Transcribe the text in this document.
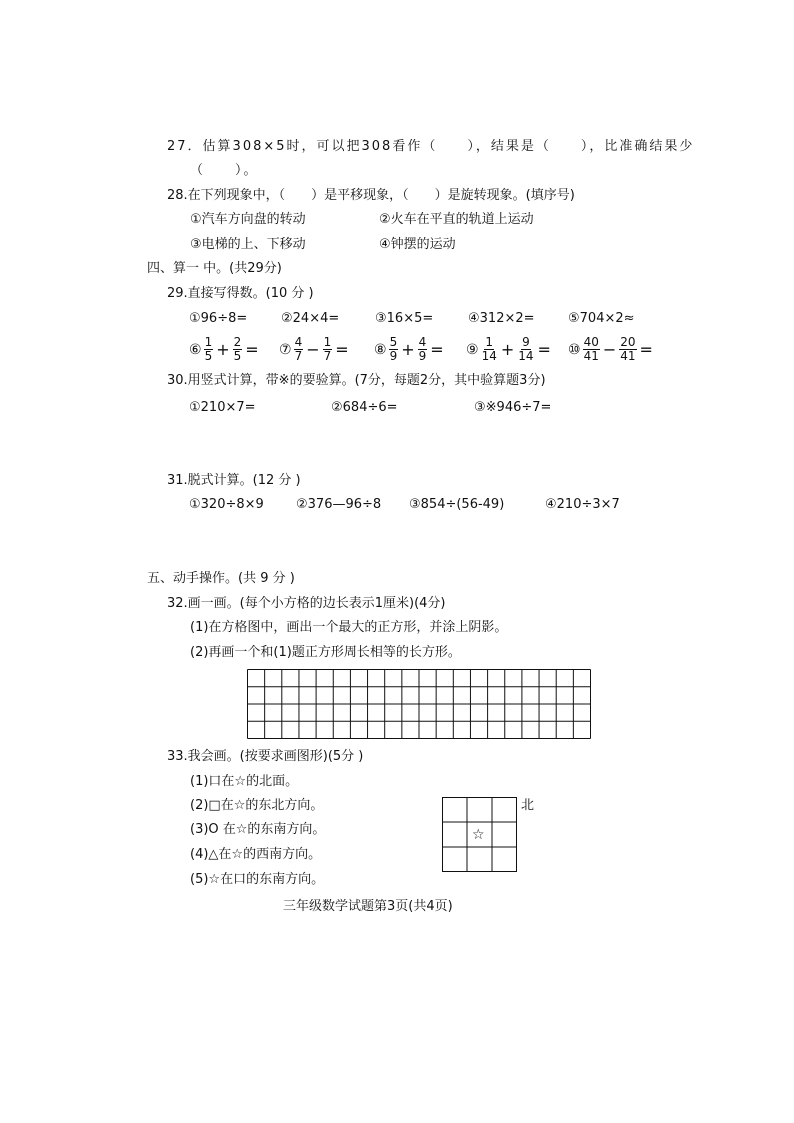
27．估算308×5时，可以把308看作（　　），结果是（　　），比准确结果少
（　　）。
28.在下列现象中，（　　）是平移现象，（　　）是旋转现象。(填序号)
①汽车方向盘的转动	②火车在平直的轨道上运动
③电梯的上、下移动	④钟摆的运动
四、算一 中。(共29分)
29.直接写得数。(10 分 )
①96÷8=	②24×4=	③16×5=	④312×2=	⑤704×2≈
⑥ $\frac{1}{5} + \frac{2}{5}$ = ⑦ $\frac{4}{7} - \frac{1}{7}$ = ⑧ $\frac{5}{9} + \frac{4}{9}$ = ⑨ $\frac{1}{14} + \frac{9}{14}$ = ⑩ $\frac{40}{41} - \frac{20}{41}$ =
30.用竖式计算，带※的要验算。(7分，每题2分，其中验算题3分)
①210×7=	②684÷6=	③※946÷7=
31.脱式计算。(12 分 )
①320÷8×9 ②376—96÷8 ③854÷(56-49)	④210÷3×7
五、动手操作。(共 9 分 )
32.画一画。(每个小方格的边长表示1厘米)(4分)
(1)在方格图中，画出一个最大的正方形，并涂上阴影。
(2)再画一个和(1)题正方形周长相等的长方形。
33.我会画。(按要求画图形)(5分 )
(1)口在☆的北面。
(2)□在☆的东北方向。
(3)O 在☆的东南方向。
(4)△在☆的西南方向。
(5)☆在口的东南方向。
☆
北
三年级数学试题第3页(共4页)
